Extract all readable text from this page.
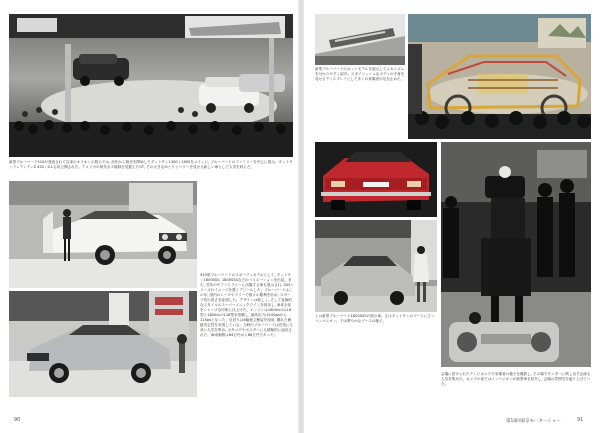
新型ブルーバード510が発表されて以来のオリオンの展示では, 前年から販売を開始したダットサン1300 / 1600をメインに, ブルーバードのファミリーを中心に展示。ダットサンフェアレディZ 432 / Z-Lも初公開された。アメリカの排気ガス規制を見据えたGT, その大きなゆとりとパワーを見せる新しい車として人気を呼んだ。

510型ブルーバードのスポーティモデルとして, ダットサン1600SSS, 1800SSSなどのバリエーションを出品。また, 翌年のサファリラリーに出場する車も展示され, SSSシリーズのイメージを強くアピールした。ブルーバードはこの年, 国内のレースやラリーで数々の勝利を収め, スポーツ性の高さを証明した。デザインは新しく, そして直線的なスタイルのスーパーソニックラインを採用し, 車体全体をシャープな印象に仕上げた。エンジンは1600ccのL16型と1800ccのL18型を搭載し, 最高出力は100psから115psとなった。足回りは4輪独立懸架を採用, 優れた操縦安定性を実現している。当時のブルーバードは若者にも高い人気を集め, カタログやポスターにも積極的に起用された。車両価格は64万円から86万円であった。

90

新型ブルーバードのカットモデルを展示してメカニズムを分かりやすく紹介。スタイリッシュなボディの中身を見せるディスプレイとして多くの来場者が足を止めた。

上は新型ブルーバード1600SSSの展示車。左はダットサンのブースに立つコンパニオン。下は華やかなブースの様子。

会場に設けられたテレビカメラで来場者の様子を撮影し, その場でモニターに映し出す企画も人気を集めた。カメラの前ではコンパニオンが新型車を紹介し, 会場の雰囲気を盛り上げていた。

第14回東京モーターショー	91
